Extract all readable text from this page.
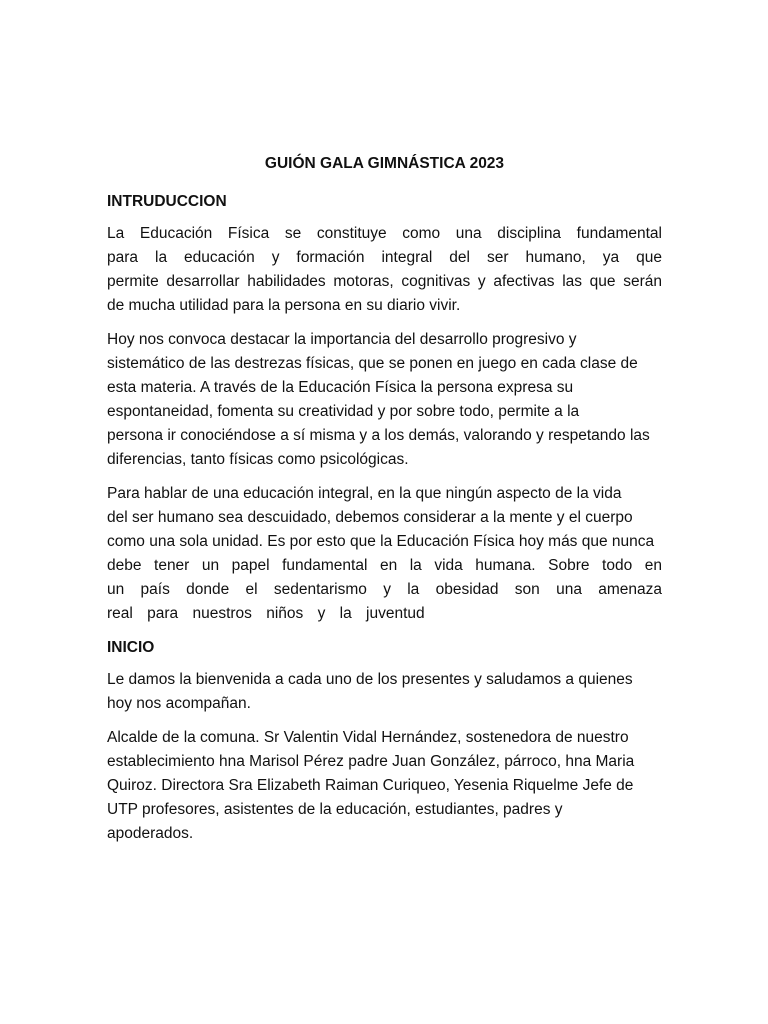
GUIÓN GALA GIMNÁSTICA 2023
INTRUDUCCION
La Educación Física se constituye como una disciplina fundamental
para la educación y formación integral del ser humano, ya que
permite desarrollar habilidades motoras, cognitivas y afectivas las que serán
de mucha utilidad para la persona en su diario vivir.
Hoy nos convoca destacar la importancia del desarrollo progresivo y
sistemático de las destrezas físicas, que se ponen en juego en cada clase de
esta materia. A través de la Educación Física la persona expresa su
espontaneidad, fomenta su creatividad y por sobre todo, permite a la
persona ir conociéndose a sí misma y a los demás, valorando y respetando las
diferencias, tanto físicas como psicológicas.
Para hablar de una educación integral, en la que ningún aspecto de la vida
del ser humano sea descuidado, debemos considerar a la mente y el cuerpo
como una sola unidad. Es por esto que la Educación Física hoy más que nunca
debe tener un papel fundamental en la vida humana. Sobre todo en
un país donde el sedentarismo y la obesidad son una amenaza
real para nuestros niños y la juventud
INICIO
Le damos la bienvenida a cada uno de los presentes y saludamos a quienes
hoy nos acompañan.
Alcalde de la comuna. Sr Valentin Vidal Hernández, sostenedora de nuestro
establecimiento hna Marisol Pérez padre Juan González, párroco, hna Maria
Quiroz. Directora Sra Elizabeth Raiman Curiqueo, Yesenia Riquelme Jefe de
UTP profesores, asistentes de la educación, estudiantes, padres y
apoderados.
